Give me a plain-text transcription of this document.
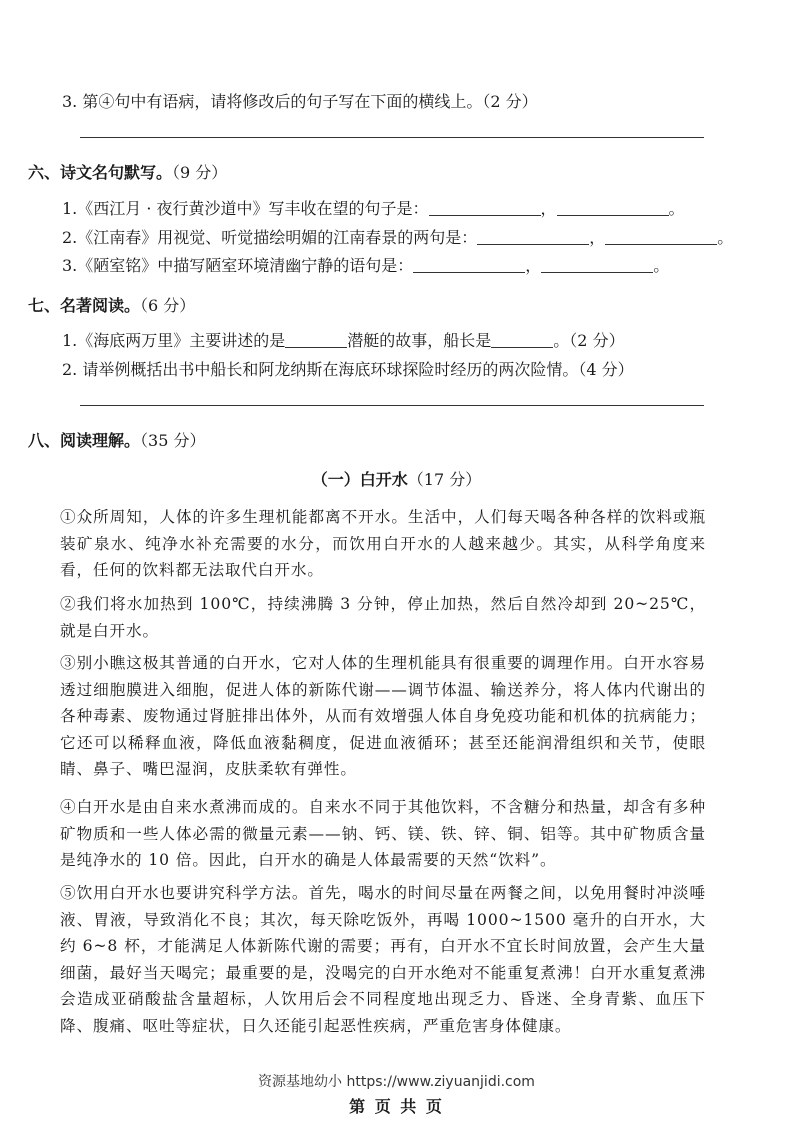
3. 第④句中有语病，请将修改后的句子写在下面的横线上。（2 分）
六、诗文名句默写。（9 分）
1.《西江月 · 夜行黄沙道中》写丰收在望的句子是：	，	。
2.《江南春》用视觉、听觉描绘明媚的江南春景的两句是：	，	。
3.《陋室铭》中描写陋室环境清幽宁静的语句是：	，	。
七、名著阅读。（6 分）
1.《海底两万里》主要讲述的是	潜艇的故事，船长是	。（2 分）
2. 请举例概括出书中船长和阿龙纳斯在海底环球探险时经历的两次险情。（4 分）
八、阅读理解。（35 分）
（一）白开水（17 分）
①众所周知，人体的许多生理机能都离不开水。生活中，人们每天喝各种各样的饮料或瓶装矿泉水、纯净水补充需要的水分，而饮用白开水的人越来越少。其实，从科学角度来看，任何的饮料都无法取代白开水。
②我们将水加热到 100℃，持续沸腾 3 分钟，停止加热，然后自然冷却到 20~25℃，就是白开水。
③别小瞧这极其普通的白开水，它对人体的生理机能具有很重要的调理作用。白开水容易透过细胞膜进入细胞，促进人体的新陈代谢——调节体温、输送养分，将人体内代谢出的各种毒素、废物通过肾脏排出体外，从而有效增强人体自身免疫功能和机体的抗病能力；它还可以稀释血液，降低血液黏稠度，促进血液循环；甚至还能润滑组织和关节，使眼睛、鼻子、嘴巴湿润，皮肤柔软有弹性。
④白开水是由自来水煮沸而成的。自来水不同于其他饮料，不含糖分和热量，却含有多种矿物质和一些人体必需的微量元素——钠、钙、镁、铁、锌、铜、铝等。其中矿物质含量是纯净水的 10 倍。因此，白开水的确是人体最需要的天然“饮料”。
⑤饮用白开水也要讲究科学方法。首先，喝水的时间尽量在两餐之间，以免用餐时冲淡唾液、胃液，导致消化不良；其次，每天除吃饭外，再喝 1000~1500 毫升的白开水，大约 6~8 杯，才能满足人体新陈代谢的需要；再有，白开水不宜长时间放置，会产生大量细菌，最好当天喝完；最重要的是，没喝完的白开水绝对不能重复煮沸！白开水重复煮沸会造成亚硝酸盐含量超标，人饮用后会不同程度地出现乏力、昏迷、全身青紫、血压下降、腹痛、呕吐等症状，日久还能引起恶性疾病，严重危害身体健康。
资源基地幼小 https://www.ziyuanjidi.com
第 页 共 页
